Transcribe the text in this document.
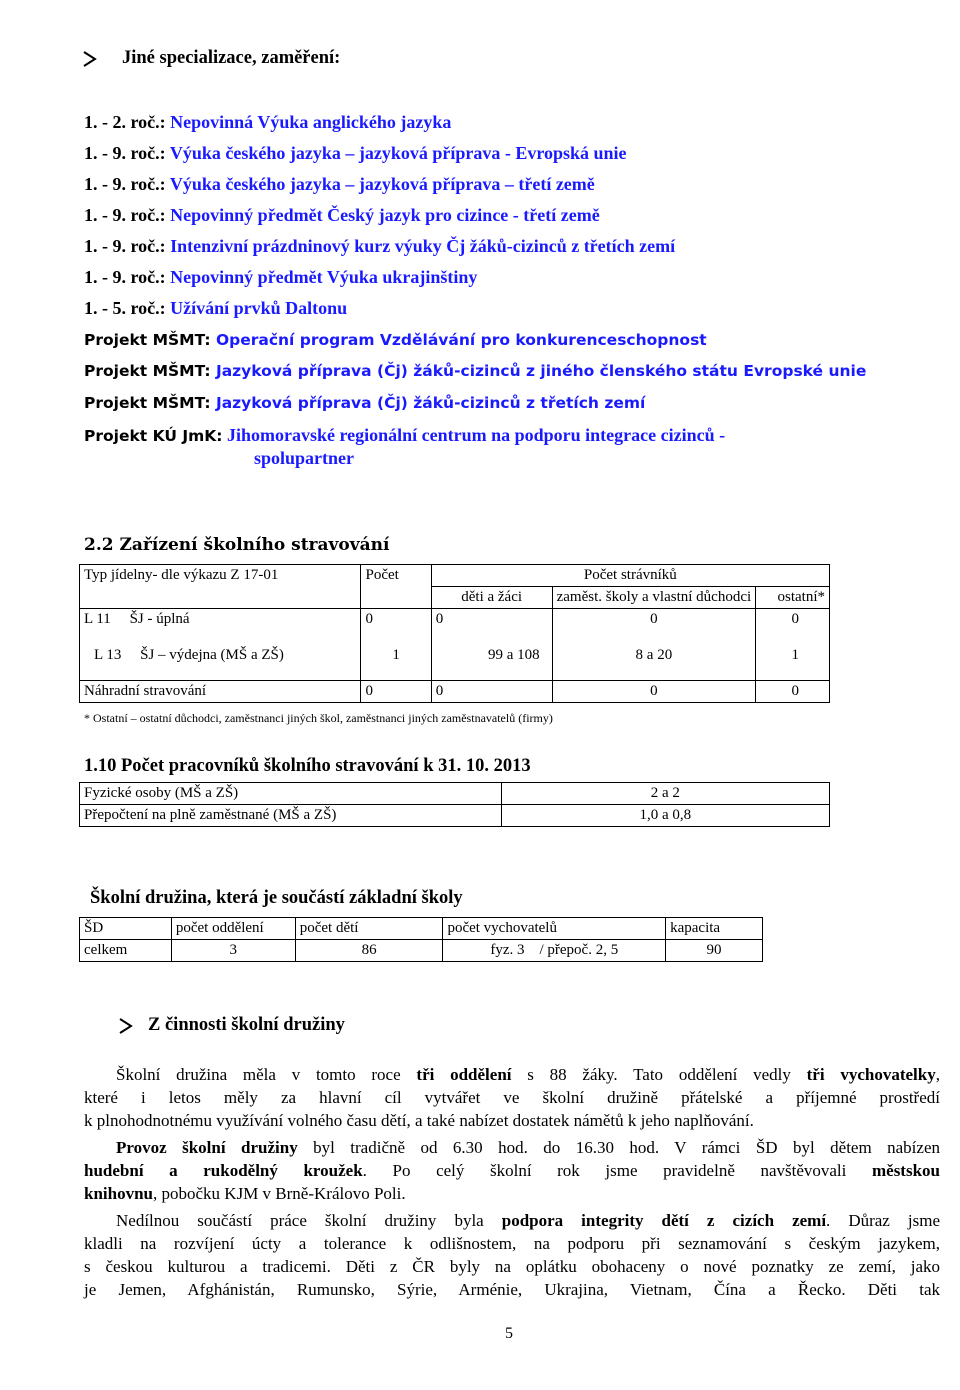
Jiné specializace, zaměření:
1. - 2. roč.: Nepovinná Výuka anglického jazyka
1. - 9. roč.: Výuka českého jazyka – jazyková příprava - Evropská unie
1. - 9. roč.: Výuka českého jazyka – jazyková příprava – třetí země
1. - 9. roč.: Nepovinný předmět Český jazyk pro cizince - třetí země
1. - 9. roč.: Intenzivní prázdninový kurz výuky Čj žáků-cizinců z třetích zemí
1. - 9. roč.: Nepovinný předmět Výuka ukrajinštiny
1. - 5. roč.: Užívání prvků Daltonu
Projekt MŠMT: Operační program Vzdělávání pro konkurenceschopnost
Projekt MŠMT: Jazyková příprava (Čj) žáků-cizinců z jiného členského státu Evropské unie
Projekt MŠMT: Jazyková příprava (Čj) žáků-cizinců z třetích zemí
Projekt KÚ JmK: Jihomoravské regionální centrum na podporu integrace cizinců -
spolupartner
2.2 Zařízení školního stravování
Typ jídelny- dle výkazu Z 17-01	Počet	Počet strávníků		
		děti a žáci	zaměst. školy a vlastní důchodci	ostatní*
L 11 ŠJ - úplná	0	0	0	0
L 13 ŠJ – výdejna (MŠ a ZŠ)	1	99 a 108	8 a 20	1
Náhradní stravování	0	0	0	0
* Ostatní – ostatní důchodci, zaměstnanci jiných škol, zaměstnanci jiných zaměstnavatelů (firmy)
1.10 Počet pracovníků školního stravování k 31. 10. 2013
Fyzické osoby (MŠ a ZŠ)	2 a 2
Přepočtení na plně zaměstnané (MŠ a ZŠ)	1,0 a 0,8
Školní družina, která je součástí základní školy
ŠD	počet oddělení	počet dětí	počet vychovatelů	kapacita
celkem	3	86	fyz. 3 / přepoč. 2, 5	90
Z činnosti školní družiny
Školní družina měla v tomto roce tři oddělení s 88 žáky. Tato oddělení vedly tři vychovatelky,
které i letos měly za hlavní cíl vytvářet ve školní družině přátelské a příjemné prostředí
k plnohodnotnému využívání volného času dětí, a také nabízet dostatek námětů k jeho naplňování.
Provoz školní družiny byl tradičně od 6.30 hod. do 16.30 hod. V rámci ŠD byl dětem nabízen
hudební a rukodělný kroužek. Po celý školní rok jsme pravidelně navštěvovali městskou
knihovnu, pobočku KJM v Brně-Královo Poli.
Nedílnou součástí práce školní družiny byla podpora integrity dětí z cizích zemí. Důraz jsme
kladli na rozvíjení úcty a tolerance k odlišnostem, na podporu při seznamování s českým jazykem,
s českou kulturou a tradicemi. Děti z ČR byly na oplátku obohaceny o nové poznatky ze zemí, jako
je Jemen, Afghánistán, Rumunsko, Sýrie, Arménie, Ukrajina, Vietnam, Čína a Řecko. Děti tak
5
